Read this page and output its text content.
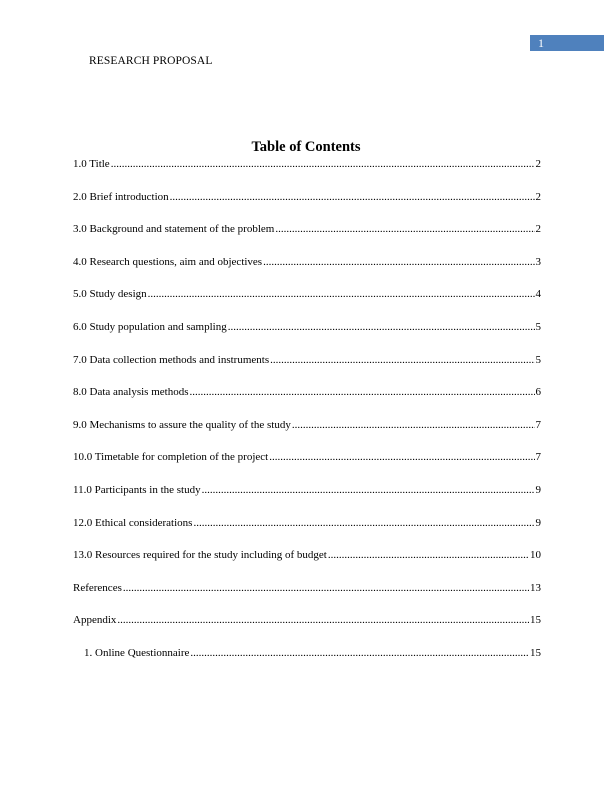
1
RESEARCH PROPOSAL
Table of Contents
1.0 Title .....	2
2.0 Brief introduction .....	2
3.0 Background and statement of the problem .....	2
4.0 Research questions, aim and objectives .....	3
5.0 Study design .....	4
6.0 Study population and sampling .....	5
7.0 Data collection methods and instruments .....	5
8.0 Data analysis methods .....	6
9.0 Mechanisms to assure the quality of the study .....	7
10.0 Timetable for completion of the project .....	7
11.0 Participants in the study .....	9
12.0 Ethical considerations .....	9
13.0 Resources required for the study including of budget .....	10
References .....	13
Appendix .....	15
1. Online Questionnaire .....	15
